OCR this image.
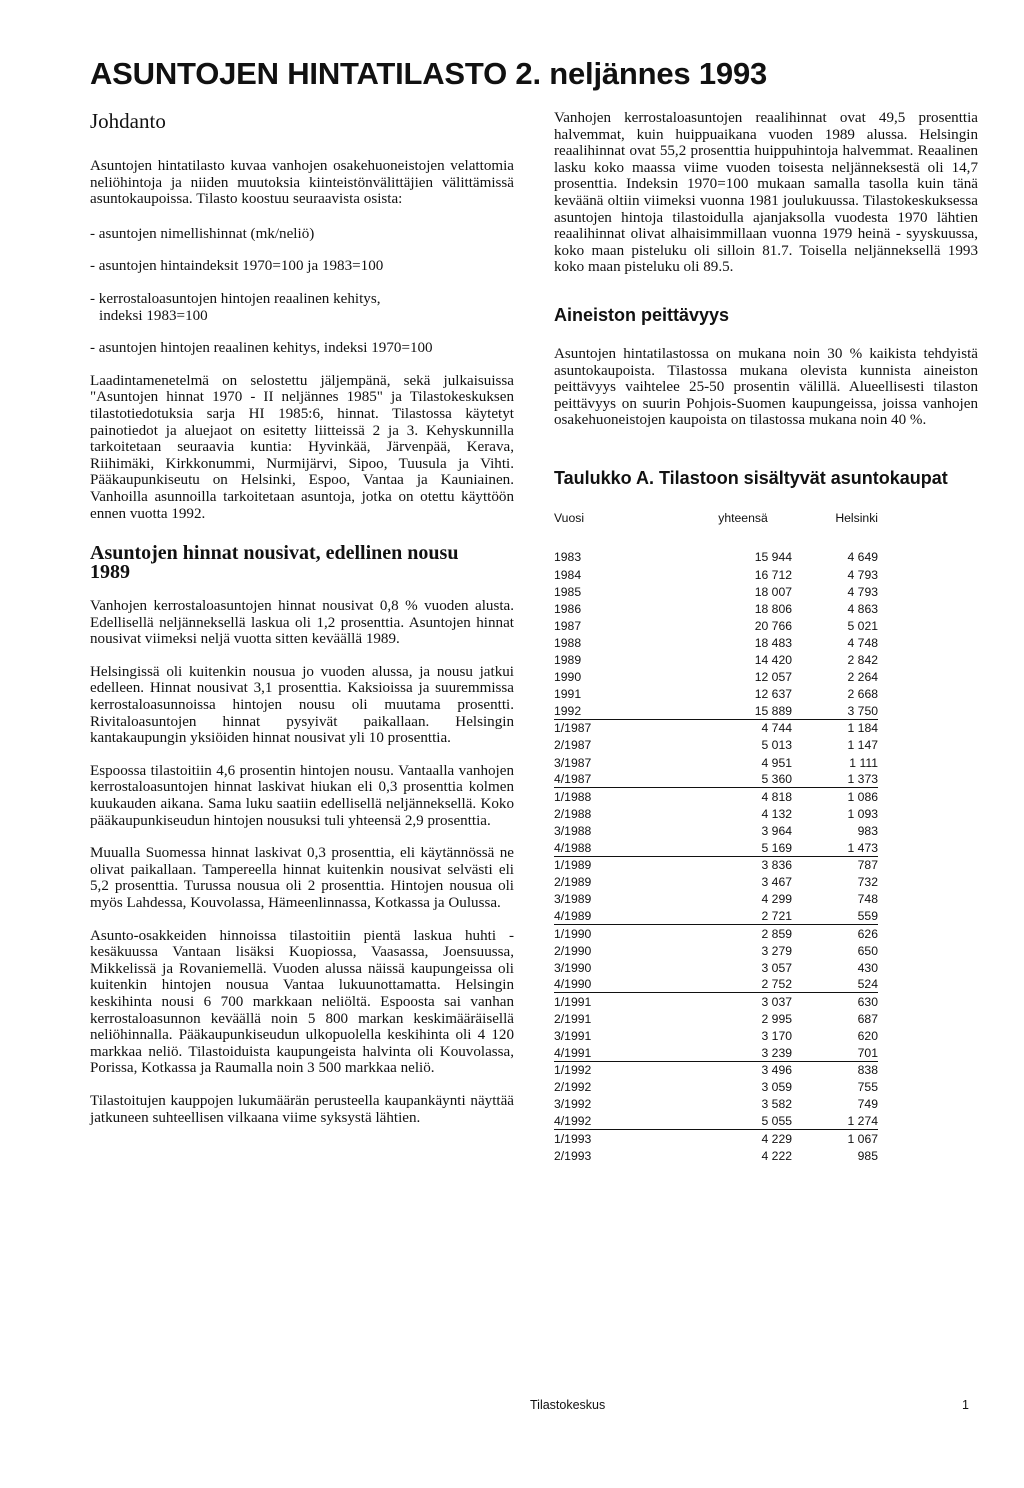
ASUNTOJEN HINTATILASTO 2. neljännes 1993
Johdanto

Asuntojen hintatilasto kuvaa vanhojen osakehuoneistojen velattomia neliöhintoja ja niiden muutoksia kiinteistönvälittäjien välittämissä asuntokaupoissa. Tilasto koostuu seuraavista osista:

- asuntojen nimellishinnat (mk/neliö)
- asuntojen hintaindeksit 1970=100 ja 1983=100
- kerrostaloasuntojen hintojen reaalinen kehitys,
indeksi 1983=100
- asuntojen hintojen reaalinen kehitys, indeksi 1970=100

Laadintamenetelmä on selostettu jäljempänä, sekä julkaisuissa "Asuntojen hinnat 1970 - II neljännes 1985" ja Tilastokeskuksen tilastotiedotuksia sarja HI 1985:6, hinnat. Tilastossa käytetyt painotiedot ja aluejaot on esitetty liitteissä 2 ja 3. Kehyskunnilla tarkoitetaan seuraavia kuntia: Hyvinkää, Järvenpää, Kerava, Riihimäki, Kirkkonummi, Nurmijärvi, Sipoo, Tuusula ja Vihti. Pääkaupunkiseutu on Helsinki, Espoo, Vantaa ja Kauniainen. Vanhoilla asunnoilla tarkoitetaan asuntoja, jotka on otettu käyttöön ennen vuotta 1992.

Asuntojen hinnat nousivat, edellinen nousu
1989

Vanhojen kerrostaloasuntojen hinnat nousivat 0,8 % vuoden alusta. Edellisellä neljänneksellä laskua oli 1,2 prosenttia. Asuntojen hinnat nousivat viimeksi neljä vuotta sitten keväällä 1989.

Helsingissä oli kuitenkin nousua jo vuoden alussa, ja nousu jatkui edelleen. Hinnat nousivat 3,1 prosenttia. Kaksioissa ja suuremmissa kerrostaloasunnoissa hintojen nousu oli muutama prosentti. Rivitaloasuntojen hinnat pysyivät paikallaan. Helsingin kantakaupungin yksiöiden hinnat nousivat yli 10 prosenttia.

Espoossa tilastoitiin 4,6 prosentin hintojen nousu. Vantaalla vanhojen kerrostaloasuntojen hinnat laskivat hiukan eli 0,3 prosenttia kolmen kuukauden aikana. Sama luku saatiin edellisellä neljänneksellä. Koko pääkaupunkiseudun hintojen nousuksi tuli yhteensä 2,9 prosenttia.

Muualla Suomessa hinnat laskivat 0,3 prosenttia, eli käytännössä ne olivat paikallaan. Tampereella hinnat kuitenkin nousivat selvästi eli 5,2 prosenttia. Turussa nousua oli 2 prosenttia. Hintojen nousua oli myös Lahdessa, Kouvolassa, Hämeenlinnassa, Kotkassa ja Oulussa.

Asunto-osakkeiden hinnoissa tilastoitiin pientä laskua huhti - kesäkuussa Vantaan lisäksi Kuopiossa, Vaasassa, Joensuussa, Mikkelissä ja Rovaniemellä. Vuoden alussa näissä kaupungeissa oli kuitenkin hintojen nousua Vantaa lukuunottamatta. Helsingin keskihinta nousi 6 700 markkaan neliöltä. Espoosta sai vanhan kerrostaloasunnon keväällä noin 5 800 markan keskimääräisellä neliöhinnalla. Pääkaupunkiseudun ulkopuolella keskihinta oli 4 120 markkaa neliö. Tilastoiduista kaupungeista halvinta oli Kouvolassa, Porissa, Kotkassa ja Raumalla noin 3 500 markkaa neliö.

Tilastoitujen kauppojen lukumäärän perusteella kaupankäynti näyttää jatkuneen suhteellisen vilkaana viime syksystä lähtien.

Vanhojen kerrostaloasuntojen reaalihinnat ovat 49,5 prosenttia halvemmat, kuin huippuaikana vuoden 1989 alussa. Helsingin reaalihinnat ovat 55,2 prosenttia huippuhintoja halvemmat. Reaalinen lasku koko maassa viime vuoden toisesta neljänneksestä oli 14,7 prosenttia. Indeksin 1970=100 mukaan samalla tasolla kuin tänä keväänä oltiin viimeksi vuonna 1981 joulukuussa. Tilastokeskuksessa asuntojen hintoja tilastoidulla ajanjaksolla vuodesta 1970 lähtien reaalihinnat olivat alhaisimmillaan vuonna 1979 heinä - syyskuussa, koko maan pisteluku oli silloin 81.7. Toisella neljänneksellä 1993 koko maan pisteluku oli 89.5.

Aineiston peittävyys

Asuntojen hintatilastossa on mukana noin 30 % kaikista tehdyistä asuntokaupoista. Tilastossa mukana olevista kunnista aineiston peittävyys vaihtelee 25-50 prosentin välillä. Alueellisesti tilaston peittävyys on suurin Pohjois-Suomen kaupungeissa, joissa vanhojen osakehuoneistojen kaupoista on tilastossa mukana noin 40 %.

Taulukko A. Tilastoon sisältyvät asuntokaupat
Vuosi	yhteensä	Helsinki
1983	15 944	4 649
1984	16 712	4 793
1985	18 007	4 793
1986	18 806	4 863
1987	20 766	5 021
1988	18 483	4 748
1989	14 420	2 842
1990	12 057	2 264
1991	12 637	2 668
1992	15 889	3 750
1/1987	4 744	1 184
2/1987	5 013	1 147
3/1987	4 951	1 111
4/1987	5 360	1 373
1/1988	4 818	1 086
2/1988	4 132	1 093
3/1988	3 964	983
4/1988	5 169	1 473
1/1989	3 836	787
2/1989	3 467	732
3/1989	4 299	748
4/1989	2 721	559
1/1990	2 859	626
2/1990	3 279	650
3/1990	3 057	430
4/1990	2 752	524
1/1991	3 037	630
2/1991	2 995	687
3/1991	3 170	620
4/1991	3 239	701
1/1992	3 496	838
2/1992	3 059	755
3/1992	3 582	749
4/1992	5 055	1 274
1/1993	4 229	1 067
2/1993	4 222	985
Tilastokeskus	1
